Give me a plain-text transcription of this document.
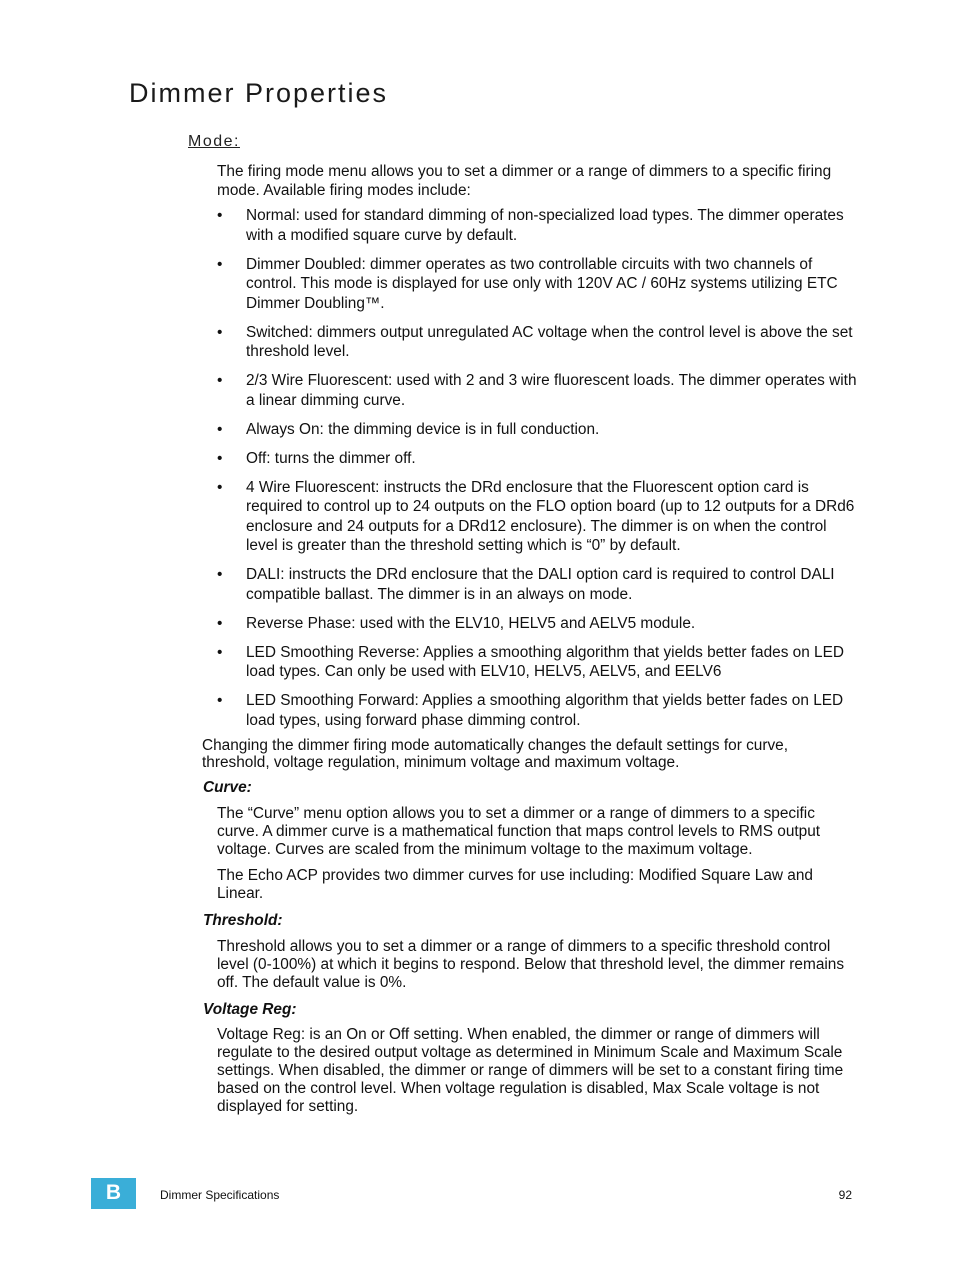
Dimmer Properties
Mode:

The firing mode menu allows you to set a dimmer or a range of dimmers to a specific firing mode. Available firing modes include:

• Normal: used for standard dimming of non-specialized load types. The dimmer operates with a modified square curve by default.
• Dimmer Doubled: dimmer operates as two controllable circuits with two channels of control. This mode is displayed for use only with 120V AC / 60Hz systems utilizing ETC Dimmer Doubling™.
• Switched: dimmers output unregulated AC voltage when the control level is above the set threshold level.
• 2/3 Wire Fluorescent: used with 2 and 3 wire fluorescent loads. The dimmer operates with a linear dimming curve.
• Always On: the dimming device is in full conduction.
• Off: turns the dimmer off.
• 4 Wire Fluorescent: instructs the DRd enclosure that the Fluorescent option card is required to control up to 24 outputs on the FLO option board (up to 12 outputs for a DRd6 enclosure and 24 outputs for a DRd12 enclosure). The dimmer is on when the control level is greater than the threshold setting which is “0” by default.
• DALI: instructs the DRd enclosure that the DALI option card is required to control DALI compatible ballast. The dimmer is in an always on mode.
• Reverse Phase: used with the ELV10, HELV5 and AELV5 module.
• LED Smoothing Reverse: Applies a smoothing algorithm that yields better fades on LED load types. Can only be used with ELV10, HELV5, AELV5, and EELV6
• LED Smoothing Forward: Applies a smoothing algorithm that yields better fades on LED load types, using forward phase dimming control.

Changing the dimmer firing mode automatically changes the default settings for curve, threshold, voltage regulation, minimum voltage and maximum voltage.

Curve:

The “Curve” menu option allows you to set a dimmer or a range of dimmers to a specific curve. A dimmer curve is a mathematical function that maps control levels to RMS output voltage. Curves are scaled from the minimum voltage to the maximum voltage.

The Echo ACP provides two dimmer curves for use including: Modified Square Law and Linear.

Threshold:

Threshold allows you to set a dimmer or a range of dimmers to a specific threshold control level (0-100%) at which it begins to respond. Below that threshold level, the dimmer remains off. The default value is 0%.

Voltage Reg:

Voltage Reg: is an On or Off setting. When enabled, the dimmer or range of dimmers will regulate to the desired output voltage as determined in Minimum Scale and Maximum Scale settings. When disabled, the dimmer or range of dimmers will be set to a constant firing time based on the control level. When voltage regulation is disabled, Max Scale voltage is not displayed for setting.

B	Dimmer Specifications	92
